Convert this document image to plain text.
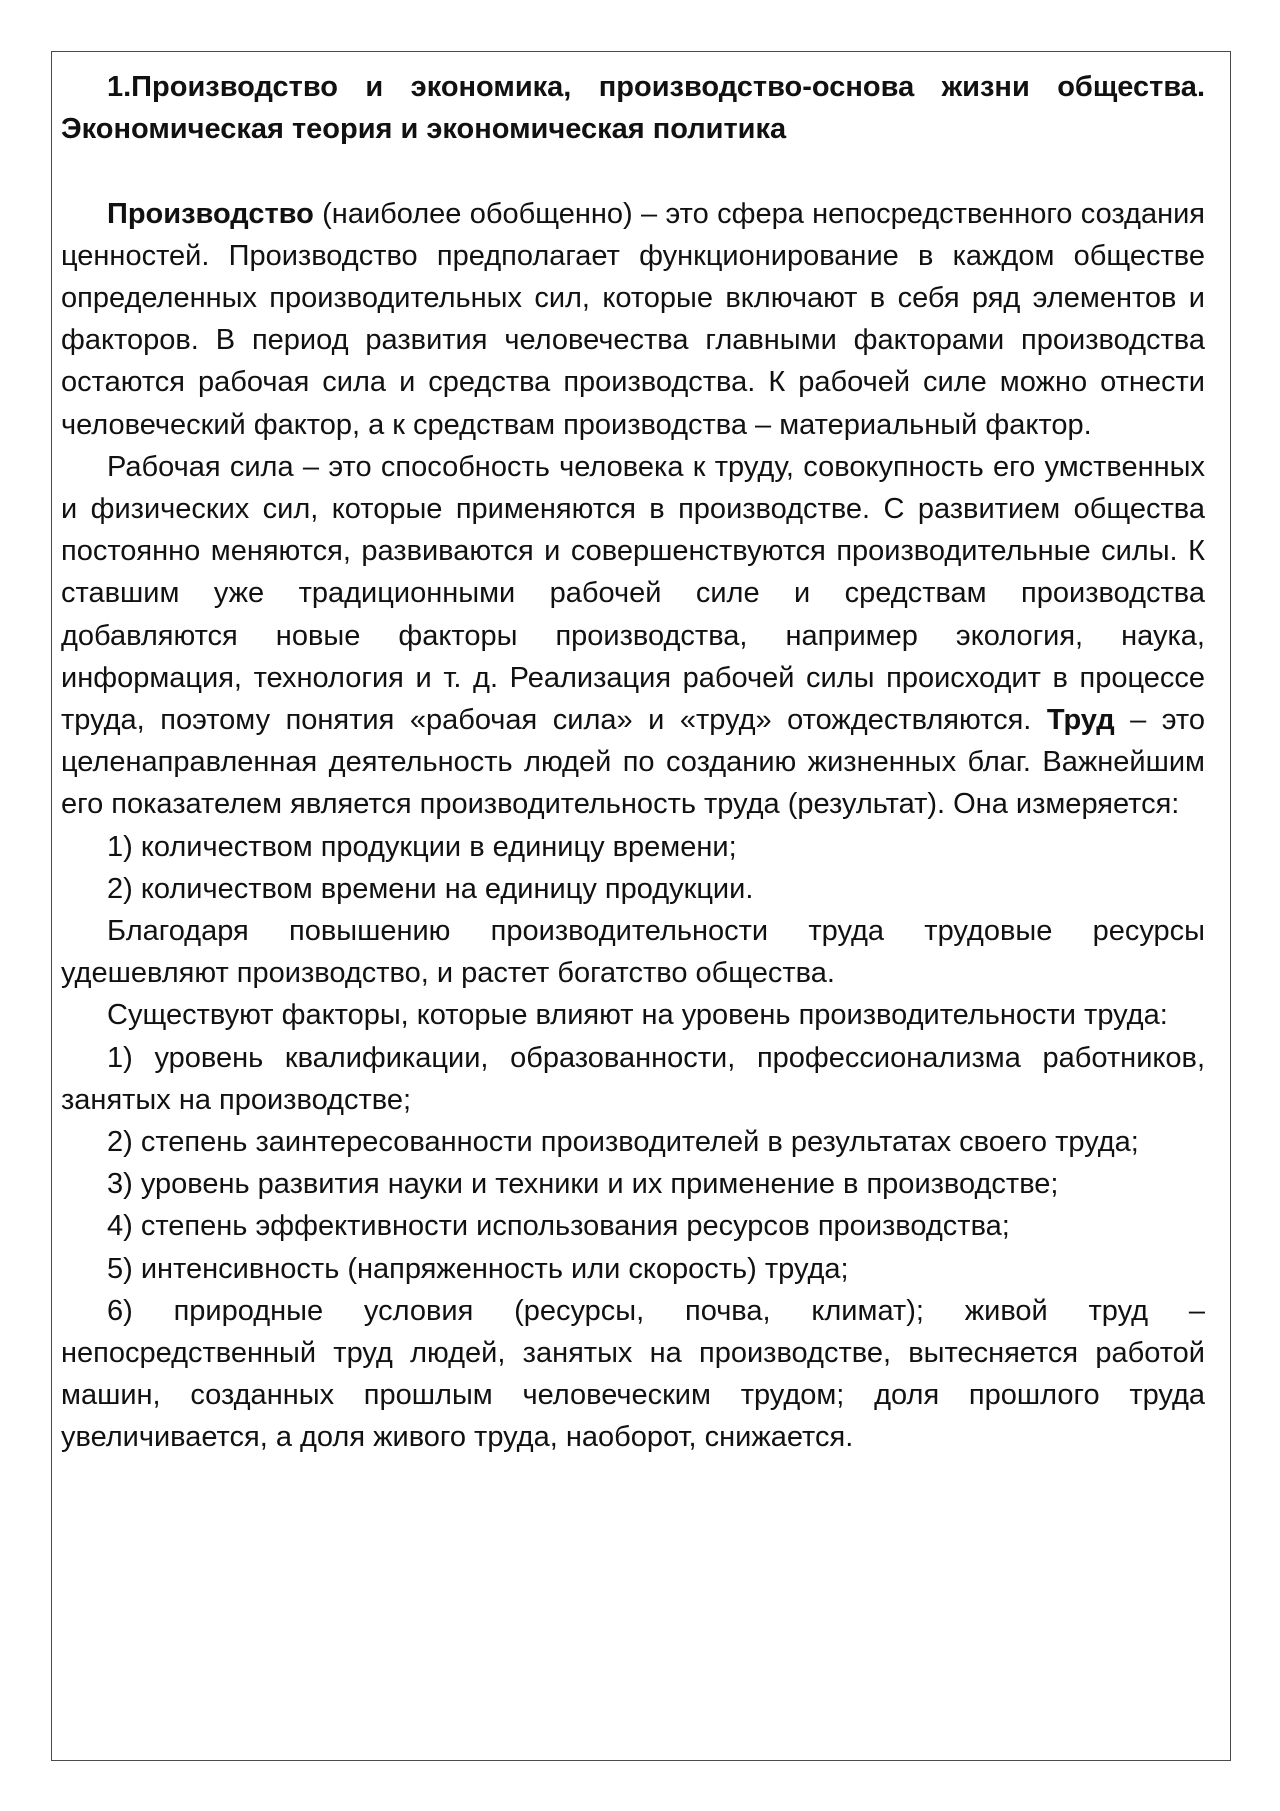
1.Производство и экономика, производство-основа жизни общества. Экономическая теория и экономическая политика

Производство (наиболее обобщенно) – это сфера непосредственного создания ценностей. Производство предполагает функционирование в каждом обществе определенных производительных сил, которые включают в себя ряд элементов и факторов. В период развития человечества главными факторами производства остаются рабочая сила и средства производства. К рабочей силе можно отнести человеческий фактор, а к средствам производства – материальный фактор.

Рабочая сила – это способность человека к труду, совокупность его умственных и физических сил, которые применяются в производстве. С развитием общества постоянно меняются, развиваются и совершенствуются производительные силы. К ставшим уже традиционными рабочей силе и средствам производства добавляются новые факторы производства, например экология, наука, информация, технология и т. д. Реализация рабочей силы происходит в процессе труда, поэтому понятия «рабочая сила» и «труд» отождествляются. Труд – это целенаправленная деятельность людей по созданию жизненных благ. Важнейшим его показателем является производительность труда (результат). Она измеряется:

1) количеством продукции в единицу времени;

2) количеством времени на единицу продукции.

Благодаря повышению производительности труда трудовые ресурсы удешевляют производство, и растет богатство общества.

Существуют факторы, которые влияют на уровень производительности труда:

1) уровень квалификации, образованности, профессионализма работников, занятых на производстве;

2) степень заинтересованности производителей в результатах своего труда;

3) уровень развития науки и техники и их применение в производстве;

4) степень эффективности использования ресурсов производства;

5) интенсивность (напряженность или скорость) труда;

6) природные условия (ресурсы, почва, климат); живой труд – непосредственный труд людей, занятых на производстве, вытесняется работой машин, созданных прошлым человеческим трудом; доля прошлого труда увеличивается, а доля живого труда, наоборот, снижается.
